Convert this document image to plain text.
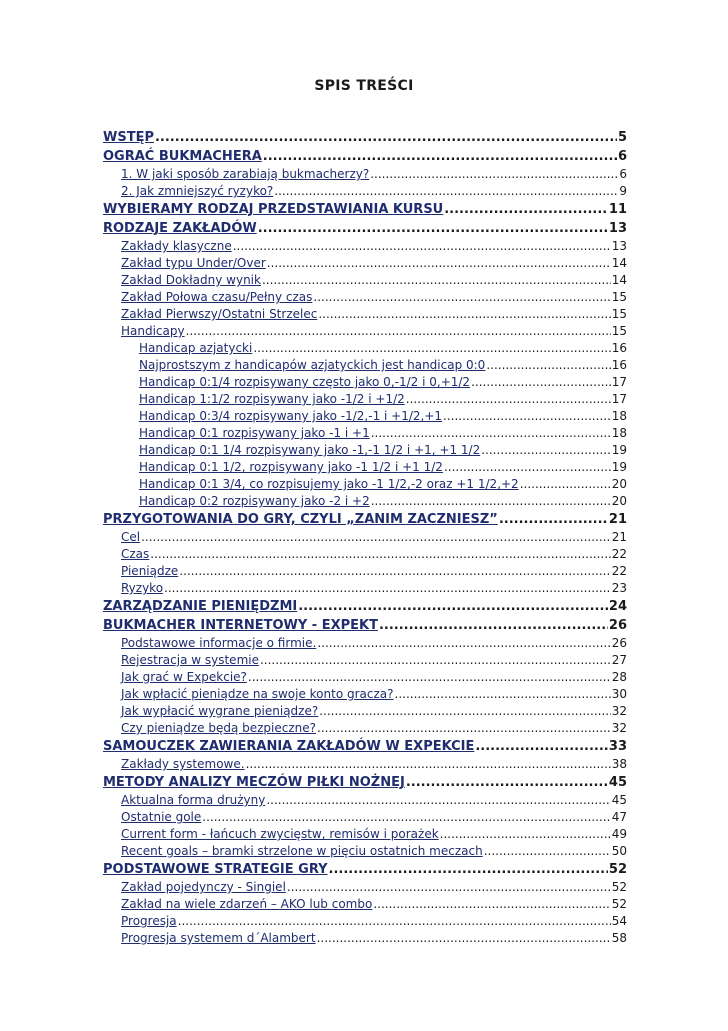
SPIS TREŚCI
WSTĘP .....	5
OGRAĆ BUKMACHERA .....	6
1. W jaki sposób zarabiają bukmacherzy? .....	6
2. Jak zmniejszyć ryzyko? .....	9
WYBIERAMY RODZAJ PRZEDSTAWIANIA KURSU .....	11
RODZAJE ZAKŁADÓW .....	13
Zakłady klasyczne .....	13
Zakład typu Under/Over .....	14
Zakład Dokładny wynik .....	14
Zakład Połowa czasu/Pełny czas .....	15
Zakład Pierwszy/Ostatni Strzelec .....	15
Handicapy .....	15
Handicap azjatycki .....	16
Najprostszym z handicapów azjatyckich jest handicap 0:0 .....	16
Handicap 0:1/4 rozpisywany często jako 0,-1/2 i 0,+1/2 .....	17
Handicap 1:1/2 rozpisywany jako -1/2 i +1/2 .....	17
Handicap 0:3/4 rozpisywany jako -1/2,-1 i +1/2,+1 .....	18
Handicap 0:1 rozpisywany jako -1 i +1 .....	18
Handicap 0:1 1/4 rozpisywany jako -1,-1 1/2 i +1, +1 1/2 .....	19
Handicap 0:1 1/2, rozpisywany jako -1 1/2 i +1 1/2 .....	19
Handicap 0:1 3/4, co rozpisujemy jako -1 1/2,-2 oraz +1 1/2,+2 .....	20
Handicap 0:2 rozpisywany jako -2 i +2 .....	20
PRZYGOTOWANIA DO GRY, CZYLI „ZANIM ZACZNIESZ” .....	21
Cel .....	21
Czas .....	22
Pieniądze .....	22
Ryzyko .....	23
ZARZĄDZANIE PIENIĘDZMI .....	24
BUKMACHER INTERNETOWY - EXPEKT .....	26
Podstawowe informacje o firmie. .....	26
Rejestracja w systemie .....	27
Jak grać w Expekcie? .....	28
Jak wpłacić pieniądze na swoje konto gracza? .....	30
Jak wypłacić wygrane pieniądze? .....	32
Czy pieniądze będą bezpieczne? .....	32
SAMOUCZEK ZAWIERANIA ZAKŁADÓW W EXPEKCIE .....	33
Zakłady systemowe. .....	38
METODY ANALIZY MECZÓW PIŁKI NOŻNEJ .....	45
Aktualna forma drużyny .....	45
Ostatnie gole .....	47
Current form - łańcuch zwycięstw, remisów i porażek .....	49
Recent goals – bramki strzelone w pięciu ostatnich meczach .....	50
PODSTAWOWE STRATEGIE GRY .....	52
Zakład pojedynczy - Singiel .....	52
Zakład na wiele zdarzeń – AKO lub combo .....	52
Progresja .....	54
Progresja systemem d´Alambert .....	58
